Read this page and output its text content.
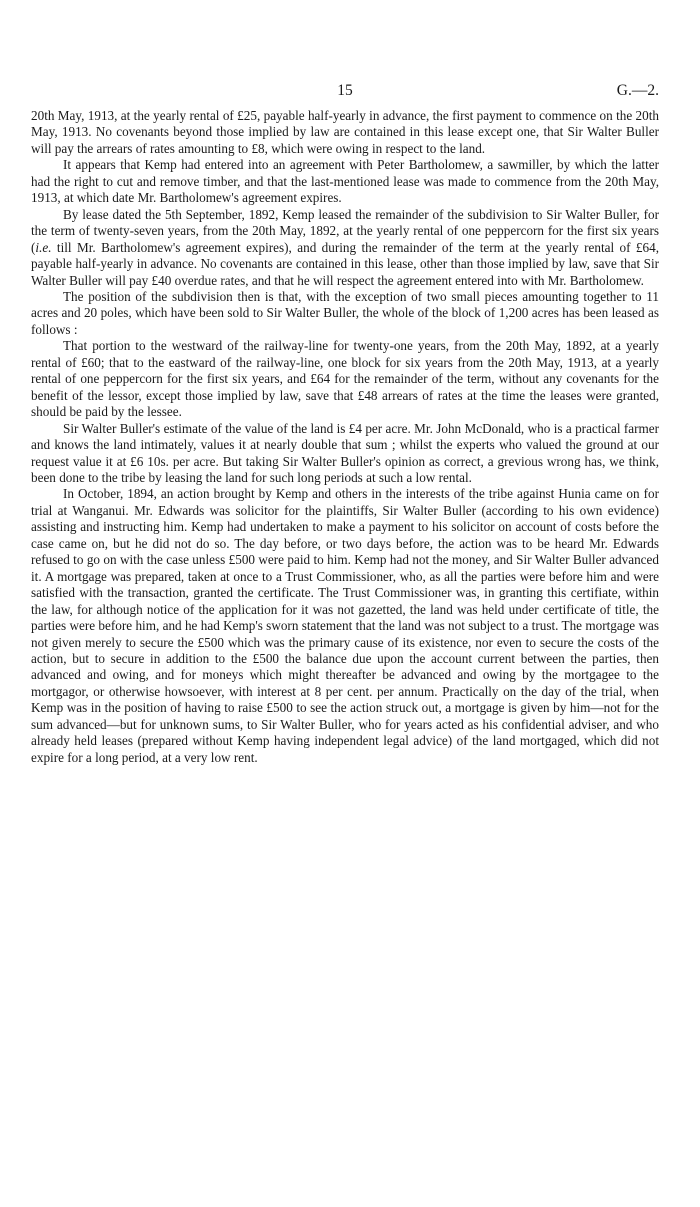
15	G.—2.

20th May, 1913, at the yearly rental of £25, payable half-yearly in advance, the first payment to commence on the 20th May, 1913. No covenants beyond those implied by law are contained in this lease except one, that Sir Walter Buller will pay the arrears of rates amounting to £8, which were owing in respect to the land.

It appears that Kemp had entered into an agreement with Peter Bartholomew, a sawmiller, by which the latter had the right to cut and remove timber, and that the last-mentioned lease was made to commence from the 20th May, 1913, at which date Mr. Bartholomew's agreement expires.

By lease dated the 5th September, 1892, Kemp leased the remainder of the subdivision to Sir Walter Buller, for the term of twenty-seven years, from the 20th May, 1892, at the yearly rental of one peppercorn for the first six years (i.e. till Mr. Bartholomew's agreement expires), and during the remainder of the term at the yearly rental of £64, payable half-yearly in advance. No covenants are contained in this lease, other than those implied by law, save that Sir Walter Buller will pay £40 overdue rates, and that he will respect the agreement entered into with Mr. Bartholomew.

The position of the subdivision then is that, with the exception of two small pieces amounting together to 11 acres and 20 poles, which have been sold to Sir Walter Buller, the whole of the block of 1,200 acres has been leased as follows :

That portion to the westward of the railway-line for twenty-one years, from the 20th May, 1892, at a yearly rental of £60; that to the eastward of the railway-line, one block for six years from the 20th May, 1913, at a yearly rental of one peppercorn for the first six years, and £64 for the remainder of the term, without any covenants for the benefit of the lessor, except those implied by law, save that £48 arrears of rates at the time the leases were granted, should be paid by the lessee.

Sir Walter Buller's estimate of the value of the land is £4 per acre. Mr. John McDonald, who is a practical farmer and knows the land intimately, values it at nearly double that sum ; whilst the experts who valued the ground at our request value it at £6 10s. per acre. But taking Sir Walter Buller's opinion as correct, a grevious wrong has, we think, been done to the tribe by leasing the land for such long periods at such a low rental.

In October, 1894, an action brought by Kemp and others in the interests of the tribe against Hunia came on for trial at Wanganui. Mr. Edwards was solicitor for the plaintiffs, Sir Walter Buller (according to his own evidence) assisting and instructing him. Kemp had undertaken to make a payment to his solicitor on account of costs before the case came on, but he did not do so. The day before, or two days before, the action was to be heard Mr. Edwards refused to go on with the case unless £500 were paid to him. Kemp had not the money, and Sir Walter Buller advanced it. A mortgage was prepared, taken at once to a Trust Commissioner, who, as all the parties were before him and were satisfied with the transaction, granted the certificate. The Trust Commissioner was, in granting this certifiate, within the law, for although notice of the application for it was not gazetted, the land was held under certificate of title, the parties were before him, and he had Kemp's sworn statement that the land was not subject to a trust. The mortgage was not given merely to secure the £500 which was the primary cause of its existence, nor even to secure the costs of the action, but to secure in addition to the £500 the balance due upon the account current between the parties, then advanced and owing, and for moneys which might thereafter be advanced and owing by the mortgagee to the mortgagor, or otherwise howsoever, with interest at 8 per cent. per annum. Practically on the day of the trial, when Kemp was in the position of having to raise £500 to see the action struck out, a mortgage is given by him—not for the sum advanced—but for unknown sums, to Sir Walter Buller, who for years acted as his confidential adviser, and who already held leases (prepared without Kemp having independent legal advice) of the land mortgaged, which did not expire for a long period, at a very low rent.
